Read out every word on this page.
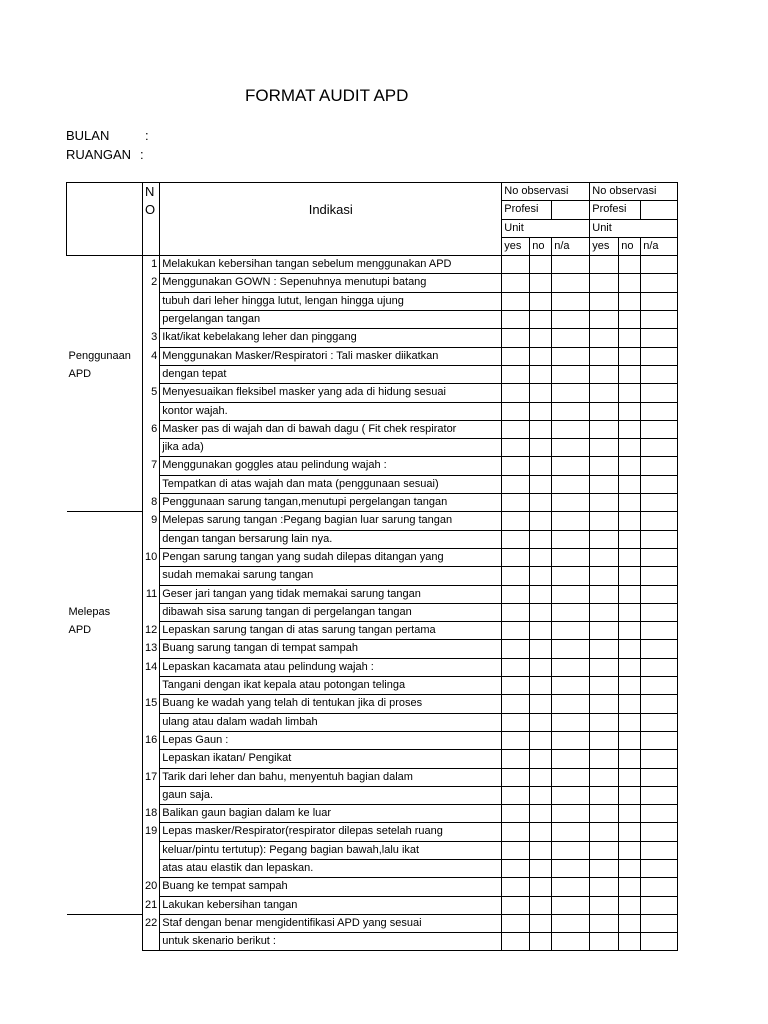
FORMAT AUDIT APD
BULAN	:
RUANGAN :
	N		No observasi			No observasi		
	O	Indikasi	Profesi			Profesi		
			Unit			Unit		
			yes	no	n/a	yes	no	n/a
	1	Melakukan kebersihan tangan sebelum menggunakan APD						
	2	Menggunakan GOWN : Sepenuhnya menutupi batang						
		tubuh dari leher hingga lutut, lengan hingga ujung						
		pergelangan tangan						
	3	Ikat/ikat kebelakang leher dan pinggang						
Penggunaan	4	Menggunakan Masker/Respiratori : Tali masker diikatkan						
APD		dengan tepat						
	5	Menyesuaikan fleksibel masker yang ada di hidung sesuai						
		kontor wajah.						
	6	Masker pas di wajah dan di bawah dagu ( Fit chek respirator						
		jika ada)						
	7	Menggunakan goggles atau pelindung wajah :						
		Tempatkan di atas wajah dan mata (penggunaan sesuai)						
	8	Penggunaan sarung tangan,menutupi pergelangan tangan						
	9	Melepas sarung tangan :Pegang bagian luar sarung tangan						
		dengan tangan bersarung lain nya.						
	10	Pengan sarung tangan yang sudah dilepas ditangan yang						
		sudah memakai sarung tangan						
	11	Geser jari tangan yang tidak memakai sarung tangan						
Melepas		dibawah sisa sarung tangan di pergelangan tangan						
APD	12	Lepaskan sarung tangan di atas sarung tangan pertama						
	13	Buang sarung tangan di tempat sampah						
	14	Lepaskan kacamata atau pelindung wajah :						
		Tangani dengan ikat kepala atau potongan telinga						
	15	Buang ke wadah yang telah di tentukan jika di proses						
		ulang atau dalam wadah limbah						
	16	Lepas Gaun :						
		Lepaskan ikatan/ Pengikat						
	17	Tarik dari leher dan bahu, menyentuh bagian dalam						
		gaun saja.						
	18	Balikan gaun bagian dalam ke luar						
	19	Lepas masker/Respirator(respirator dilepas setelah ruang						
		keluar/pintu tertutup): Pegang bagian bawah,lalu ikat						
		atas atau elastik dan lepaskan.						
	20	Buang ke tempat sampah						
	21	Lakukan kebersihan tangan						
	22	Staf dengan benar mengidentifikasi APD yang sesuai						
		untuk skenario berikut :						
